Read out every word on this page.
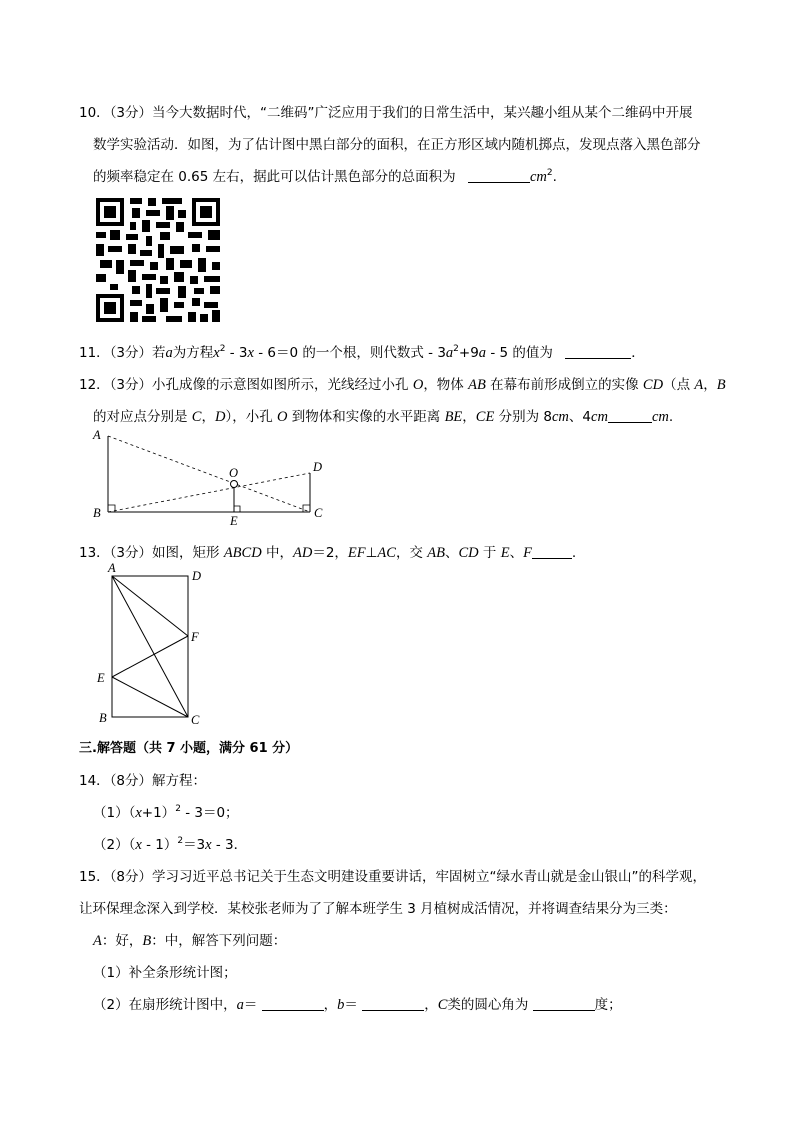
10．（3分）当今大数据时代，“二维码”广泛应用于我们的日常生活中，某兴趣小组从某个二维码中开展
数学实验活动．如图，为了估计图中黑白部分的面积，在正方形区域内随机掷点，发现点落入黑色部分
的频率稳定在 0.65 左右，据此可以估计黑色部分的总面积为	$cm^2$.
11．（3分）若a为方程$x^2 - 3x - 6=0$ 的一个根，则代数式 - $3a^2+9a - 5$ 的值为	．
12．（3分）小孔成像的示意图如图所示，光线经过小孔 O，物体 AB 在幕布前形成倒立的实像 CD（点 A，B
的对应点分别是 C，D），小孔 O 到物体和实像的水平距离 BE，CE 分别为 8cm、4cm	cm.
A
B
O	D
C
E
13．（3分）如图，矩形 ABCD 中，AD＝2，EF⊥AC，交 AB、CD 于 E、F	.
A
D
F
E
B	C
三.解答题（共 7 小题，满分 61 分）
14．（8分）解方程：
$(1)(x+1)^2 - 3=0$；
（2）（x - 1）$^2$＝3x - 3．
15．（8分）学习习近平总书记关于生态文明建设重要讲话，牢固树立“绿水青山就是金山银山”的科学观，
让环保理念深入到学校．某校张老师为了了解本班学生 3 月植树成活情况，并将调查结果分为三类：
A：好，B：中，解答下列问题：
（1）补全条形统计图；
（2）在扇形统计图中，a＝	，b＝	，C类的圆心角为	度；
